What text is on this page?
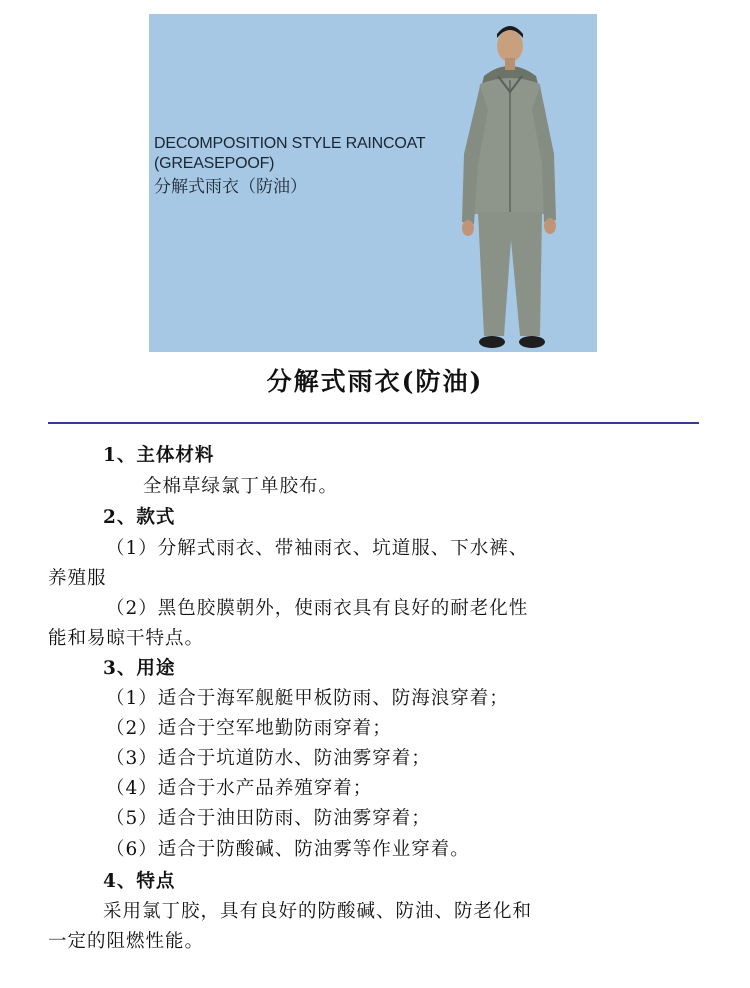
DECOMPOSITION STYLE RAINCOAT
(GREASEPOOF)
分解式雨衣（防油）
分解式雨衣(防油)
1、主体材料
全棉草绿氯丁单胶布。
2、款式
（1）分解式雨衣、带袖雨衣、坑道服、下水裤、
养殖服
（2）黑色胶膜朝外，使雨衣具有良好的耐老化性
能和易晾干特点。
3、用途
（1）适合于海军舰艇甲板防雨、防海浪穿着；
（2）适合于空军地勤防雨穿着；
（3）适合于坑道防水、防油雾穿着；
（4）适合于水产品养殖穿着；
（5）适合于油田防雨、防油雾穿着；
（6）适合于防酸碱、防油雾等作业穿着。
4、特点
采用氯丁胶，具有良好的防酸碱、防油、防老化和
一定的阻燃性能。
